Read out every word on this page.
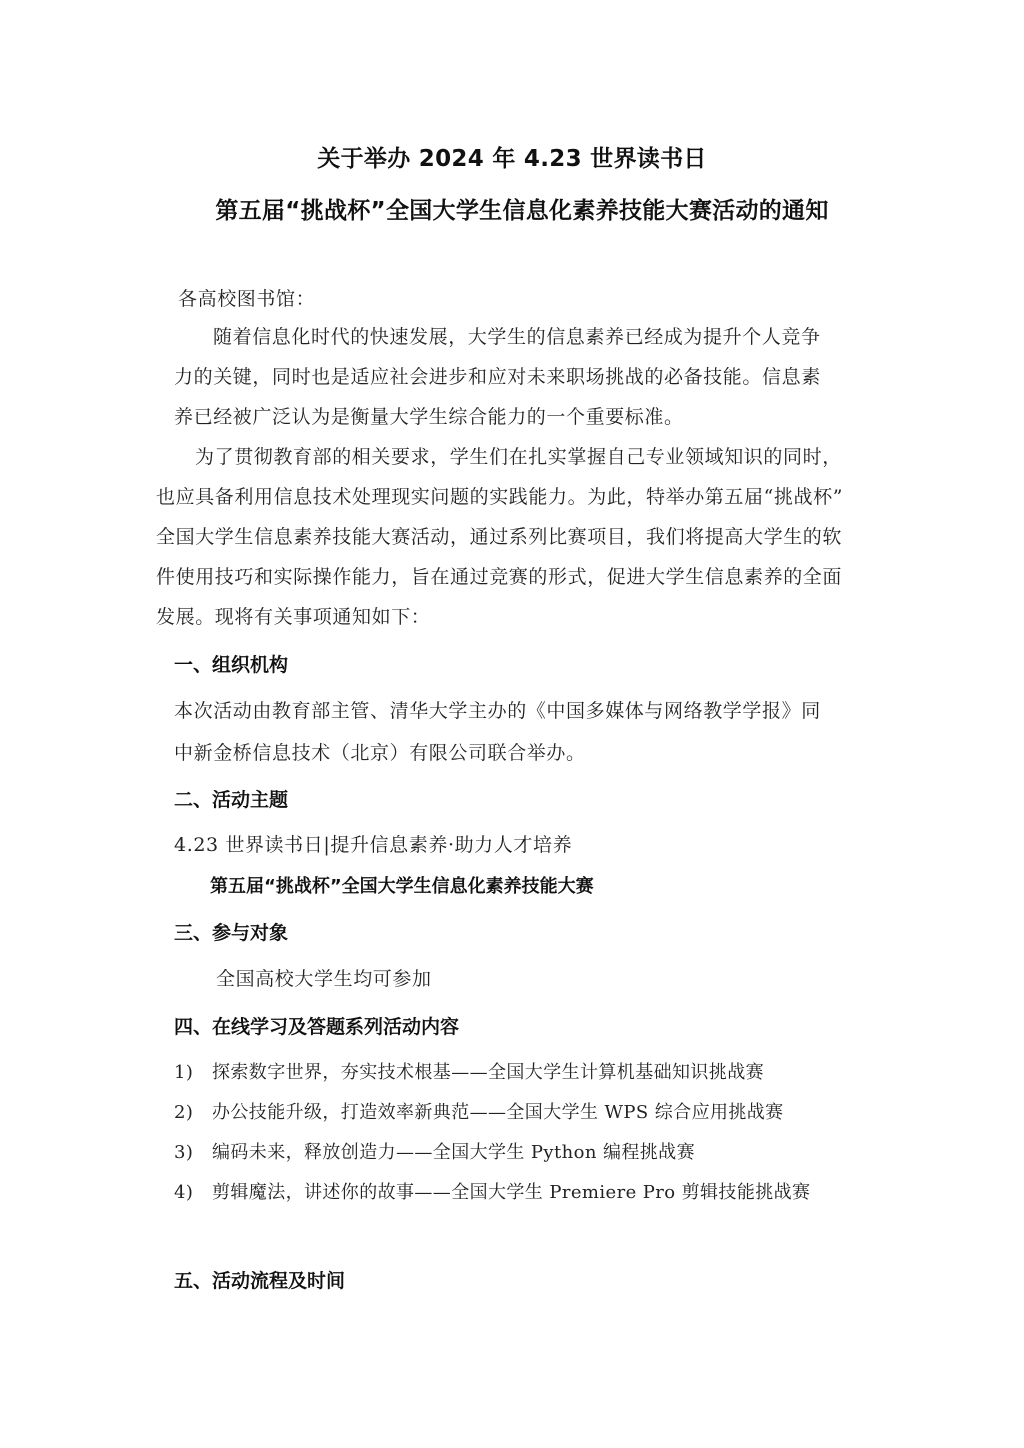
关于举办 2024 年 4.23 世界读书日
第五届“挑战杯”全国大学生信息化素养技能大赛活动的通知
各高校图书馆：
随着信息化时代的快速发展，大学生的信息素养已经成为提升个人竞争
力的关键，同时也是适应社会进步和应对未来职场挑战的必备技能。信息素
养已经被广泛认为是衡量大学生综合能力的一个重要标准。
为了贯彻教育部的相关要求，学生们在扎实掌握自己专业领域知识的同时，
也应具备利用信息技术处理现实问题的实践能力。为此，特举办第五届“挑战杯”
全国大学生信息素养技能大赛活动，通过系列比赛项目，我们将提高大学生的软
件使用技巧和实际操作能力，旨在通过竞赛的形式，促进大学生信息素养的全面
发展。现将有关事项通知如下：
一、组织机构
本次活动由教育部主管、清华大学主办的《中国多媒体与网络教学学报》同
中新金桥信息技术（北京）有限公司联合举办。
二、活动主题
4.23 世界读书日|提升信息素养·助力人才培养
第五届“挑战杯”全国大学生信息化素养技能大赛
三、参与对象
全国高校大学生均可参加
四、在线学习及答题系列活动内容
1) 探索数字世界，夯实技术根基——全国大学生计算机基础知识挑战赛
2) 办公技能升级，打造效率新典范——全国大学生 WPS 综合应用挑战赛
3) 编码未来，释放创造力——全国大学生 Python 编程挑战赛
4) 剪辑魔法，讲述你的故事——全国大学生 Premiere Pro 剪辑技能挑战赛
五、活动流程及时间
